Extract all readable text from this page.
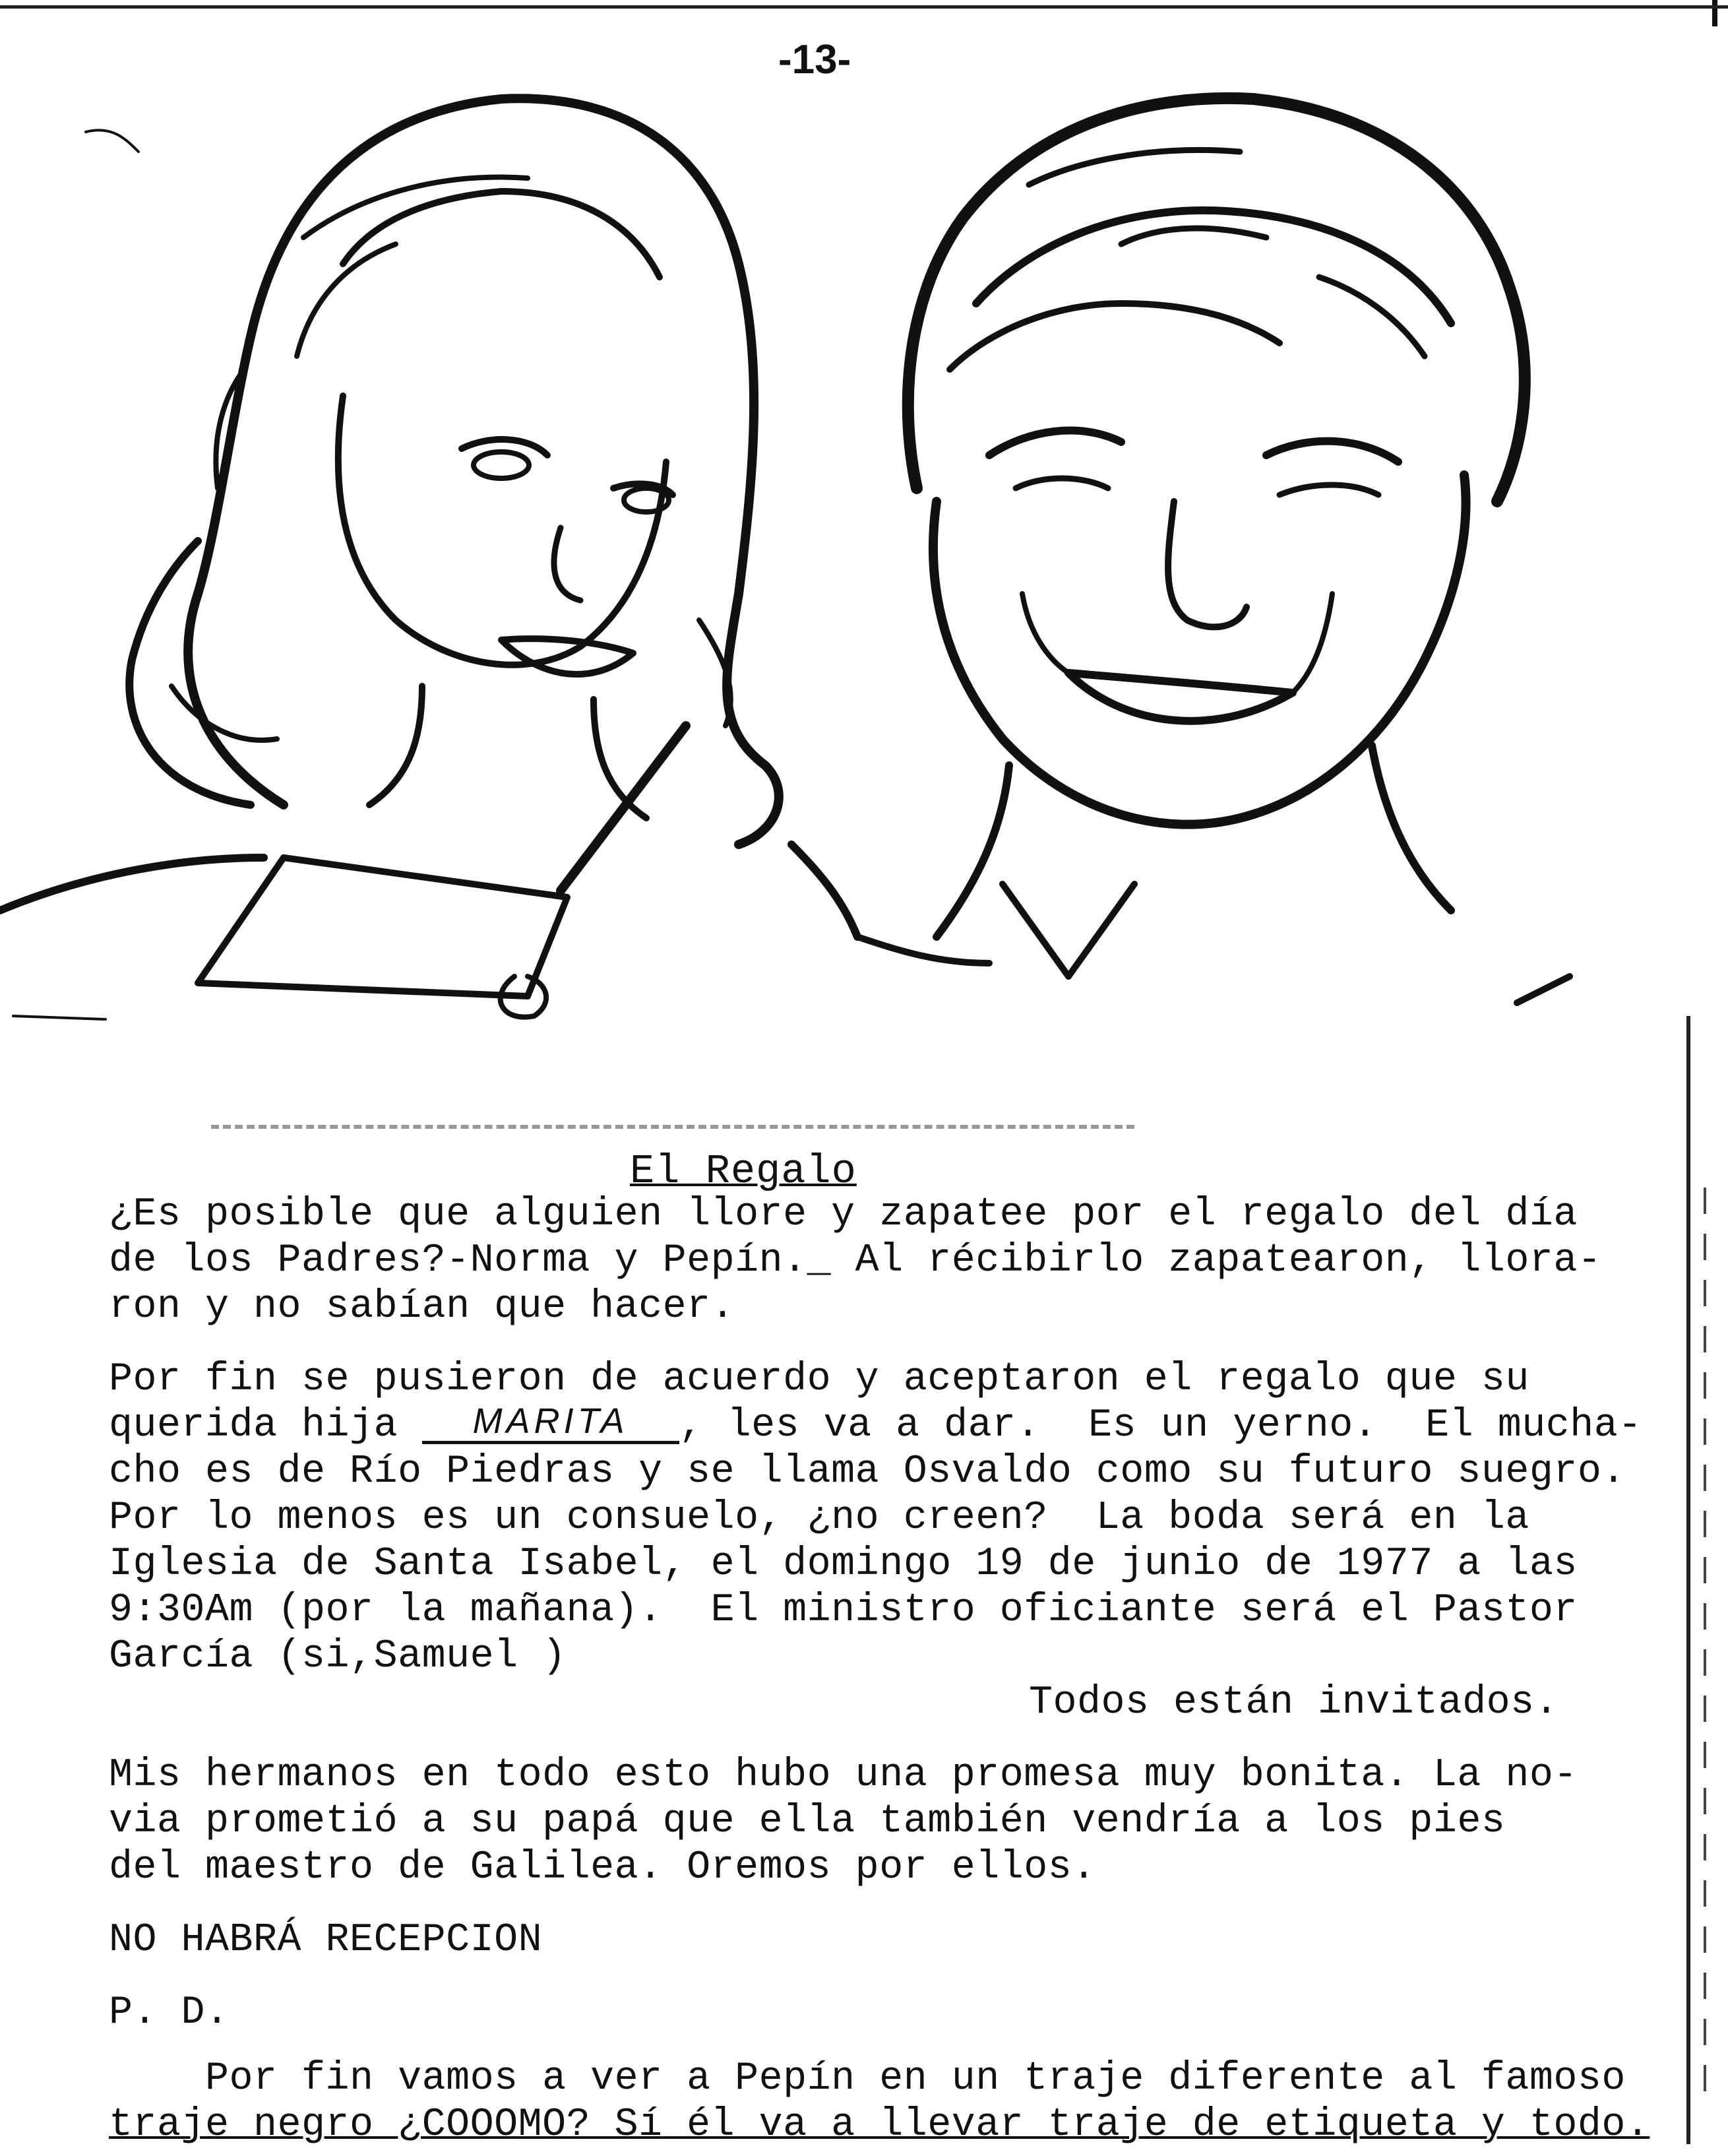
-13-
El Regalo
¿Es posible que alguien llore y zapatee por el regalo del día
de los Padres?-Norma y Pepín._ Al récibirlo zapatearon, llora-
ron y no sabían que hacer.
Por fin se pusieron de acuerdo y aceptaron el regalo que su
querida hija MARITA , les va a dar.  Es un yerno.  El mucha-
cho es de Río Piedras y se llama Osvaldo como su futuro suegro.
Por lo menos es un consuelo, ¿no creen?  La boda será en la
Iglesia de Santa Isabel, el domingo 19 de junio de 1977 a las
9:30Am (por la mañana).  El ministro oficiante será el Pastor
García (si,Samuel )
Todos están invitados.
Mis hermanos en todo esto hubo una promesa muy bonita. La no-
via prometió a su papá que ella también vendría a los pies
del maestro de Galilea. Oremos por ellos.
NO HABRÁ RECEPCION
P. D.
Por fin vamos a ver a Pepín en un traje diferente al famoso
traje negro ¿COOOMO? Sí él va a llevar traje de etiqueta y todo.
